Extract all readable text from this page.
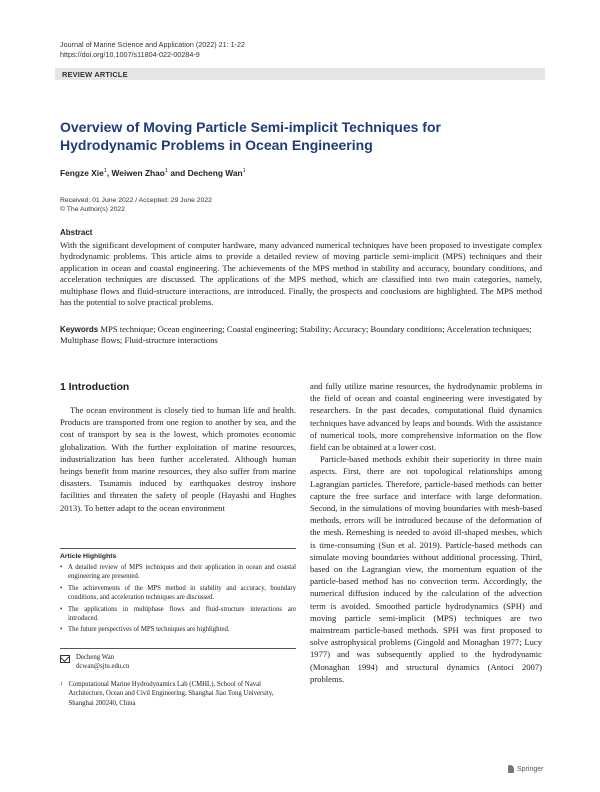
Journal of Marine Science and Application (2022) 21: 1-22
https://doi.org/10.1007/s11804-022-00284-9
REVIEW ARTICLE
Overview of Moving Particle Semi-implicit Techniques for Hydrodynamic Problems in Ocean Engineering
Fengze Xie$^1$, Weiwen Zhao$^1$ and Decheng Wan$^1$
Received: 01 June 2022 / Accepted: 29 June 2022
© The Author(s) 2022
Abstract
With the significant development of computer hardware, many advanced numerical techniques have been proposed to investigate complex hydrodynamic problems. This article aims to provide a detailed review of moving particle semi-implicit (MPS) techniques and their application in ocean and coastal engineering. The achievements of the MPS method in stability and accuracy, boundary conditions, and acceleration techniques are discussed. The applications of the MPS method, which are classified into two main categories, namely, multiphase flows and fluid-structure interactions, are introduced. Finally, the prospects and conclusions are highlighted. The MPS method has the potential to solve practical problems.
Keywords MPS technique; Ocean engineering; Coastal engineering; Stability; Accuracy; Boundary conditions; Acceleration techniques; Multiphase flows; Fluid-structure interactions
1 Introduction

The ocean environment is closely tied to human life and health. Products are transported from one region to another by sea, and the cost of transport by sea is the lowest, which promotes economic globalization. With the further exploitation of marine resources, industrialization has been further accelerated. Although human beings benefit from marine resources, they also suffer from marine disasters. Tsunamis induced by earthquakes destroy inshore facilities and threaten the safety of people (Hayashi and Hughes 2013). To better adapt to the ocean environment

Article Highlights
• A detailed review of MPS techniques and their application in ocean and coastal engineering are presented.
• The achievements of the MPS method in stability and accuracy, boundary conditions, and acceleration techniques are discussed.
• The applications in multiphase flows and fluid-structure interactions are introduced.
• The future perspectives of MPS techniques are highlighted.
Decheng Wan
dcwan@sjtu.edu.cn
1 Computational Marine Hydrodynamics Lab (CMHL), School of Naval Architecture, Ocean and Civil Engineering, Shanghai Jiao Tong University, Shanghai 200240, China

and fully utilize marine resources, the hydrodynamic problems in the field of ocean and coastal engineering were investigated by researchers. In the past decades, computational fluid dynamics techniques have advanced by leaps and bounds. With the assistance of numerical tools, more comprehensive information on the flow field can be obtained at a lower cost.

Particle-based methods exhibit their superiority in three main aspects. First, there are not topological relationships among Lagrangian particles. Therefore, particle-based methods can better capture the free surface and interface with large deformation. Second, in the simulations of moving boundaries with mesh-based methods, errors will be introduced because of the deformation of the mesh. Remeshing is needed to avoid ill-shaped meshes, which is time-consuming (Sun et al. 2019). Particle-based methods can simulate moving boundaries without additional processing. Third, based on the Lagrangian view, the momentum equation of the particle-based method has no convection term. Accordingly, the numerical diffusion induced by the calculation of the advection term is avoided. Smoothed particle hydrodynamics (SPH) and moving particle semi-implicit (MPS) techniques are two mainstream particle-based methods. SPH was first proposed to solve astrophysical problems (Gingold and Monaghan 1977; Lucy 1977) and was subsequently applied to the hydrodynamic (Monaghan 1994) and structural dynamics (Antoci 2007) problems.

Springer
